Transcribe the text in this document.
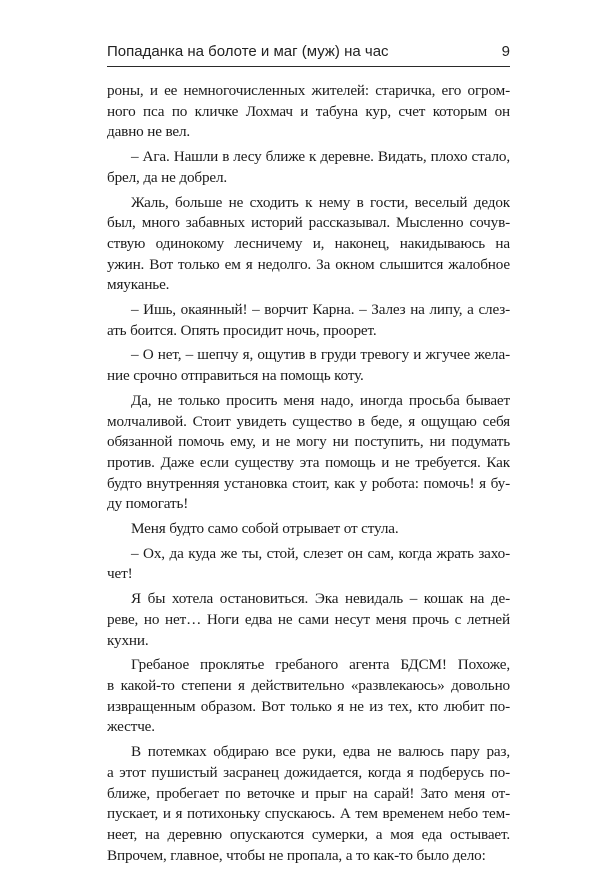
Попаданка на болоте и маг (муж) на час	9

роны, и ее немногочисленных жителей: старичка, его огром-
ного пса по кличке Лохмач и табуна кур, счет которым он
давно не вел.

– Ага. Нашли в лесу ближе к деревне. Видать, плохо стало,
брел, да не добрел.

Жаль, больше не сходить к нему в гости, веселый дедок
был, много забавных историй рассказывал. Мысленно сочув-
ствую одинокому лесничему и, наконец, накидываюсь на
ужин. Вот только ем я недолго. За окном слышится жалобное
мяуканье.

– Ишь, окаянный! – ворчит Карна. – Залез на липу, а слез-
ать боится. Опять просидит ночь, проорет.

– О нет, – шепчу я, ощутив в груди тревогу и жгучее жела-
ние срочно отправиться на помощь коту.

Да, не только просить меня надо, иногда просьба бывает
молчаливой. Стоит увидеть существо в беде, я ощущаю себя
обязанной помочь ему, и не могу ни поступить, ни подумать
против. Даже если существу эта помощь и не требуется. Как
будто внутренняя установка стоит, как у робота: помочь! я бу-
ду помогать!

Меня будто само собой отрывает от стула.

– Ох, да куда же ты, стой, слезет он сам, когда жрать захо-
чет!

Я бы хотела остановиться. Эка невидаль – кошак на де-
реве, но нет… Ноги едва не сами несут меня прочь с летней
кухни.

Гребаное проклятье гребаного агента БДСМ! Похоже,
в какой-то степени я действительно «развлекаюсь» довольно
извращенным образом. Вот только я не из тех, кто любит по-
жестче.

В потемках обдираю все руки, едва не валюсь пару раз,
а этот пушистый засранец дожидается, когда я подберусь по-
ближе, пробегает по веточке и прыг на сарай! Зато меня от-
пускает, и я потихоньку спускаюсь. А тем временем небо тем-
неет, на деревню опускаются сумерки, а моя еда остывает.
Впрочем, главное, чтобы не пропала, а то как-то было дело:
